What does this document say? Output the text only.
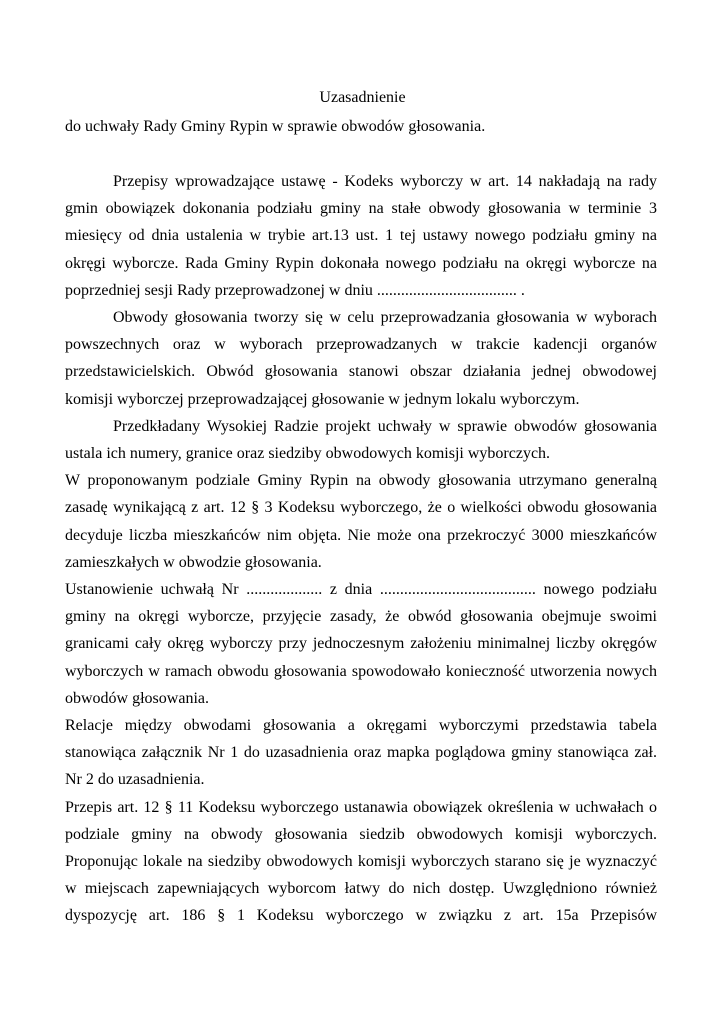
Uzasadnienie
do uchwały Rady Gminy Rypin w sprawie obwodów głosowania.

Przepisy wprowadzające ustawę - Kodeks wyborczy w art. 14 nakładają na rady gmin obowiązek dokonania podziału gminy na stałe obwody głosowania w terminie 3 miesięcy od dnia ustalenia w trybie art.13 ust. 1 tej ustawy nowego podziału gminy na okręgi wyborcze. Rada Gminy Rypin dokonała nowego podziału na okręgi wyborcze na poprzedniej sesji Rady przeprowadzonej w dniu ................................... .

Obwody głosowania tworzy się w celu przeprowadzania głosowania w wyborach powszechnych oraz w wyborach przeprowadzanych w trakcie kadencji organów przedstawicielskich. Obwód głosowania stanowi obszar działania jednej obwodowej komisji wyborczej przeprowadzającej głosowanie w jednym lokalu wyborczym.

Przedkładany Wysokiej Radzie projekt uchwały w sprawie obwodów głosowania ustala ich numery, granice oraz siedziby obwodowych komisji wyborczych.

W proponowanym podziale Gminy Rypin na obwody głosowania utrzymano generalną zasadę wynikającą z art. 12 § 3 Kodeksu wyborczego, że o wielkości obwodu głosowania decyduje liczba mieszkańców nim objęta. Nie może ona przekroczyć 3000 mieszkańców zamieszkałych w obwodzie głosowania.

Ustanowienie uchwałą Nr ................... z dnia ....................................... nowego podziału gminy na okręgi wyborcze, przyjęcie zasady, że obwód głosowania obejmuje swoimi granicami cały okręg wyborczy przy jednoczesnym założeniu minimalnej liczby okręgów wyborczych w ramach obwodu głosowania spowodowało konieczność utworzenia nowych obwodów głosowania.

Relacje między obwodami głosowania a okręgami wyborczymi przedstawia tabela stanowiąca załącznik Nr 1 do uzasadnienia oraz mapka poglądowa gminy stanowiąca zał. Nr 2 do uzasadnienia.

Przepis art. 12 § 11 Kodeksu wyborczego ustanawia obowiązek określenia w uchwałach o podziale gminy na obwody głosowania siedzib obwodowych komisji wyborczych. Proponując lokale na siedziby obwodowych komisji wyborczych starano się je wyznaczyć w miejscach zapewniających wyborcom łatwy do nich dostęp. Uwzględniono również dyspozycję art. 186 § 1 Kodeksu wyborczego w związku z art. 15a Przepisów
